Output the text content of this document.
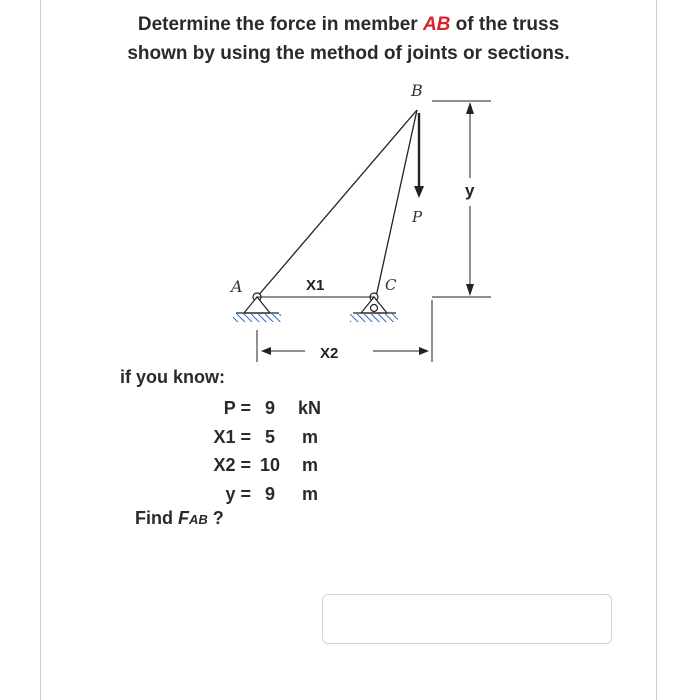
Determine the force in member AB of the truss
shown by using the method of joints or sections.
B
A	C
P
y
X1
X2
if you know:
P = 9	kN
X1 = 5	m
X2 = 10	m
y = 9	m
Find FAB ?
